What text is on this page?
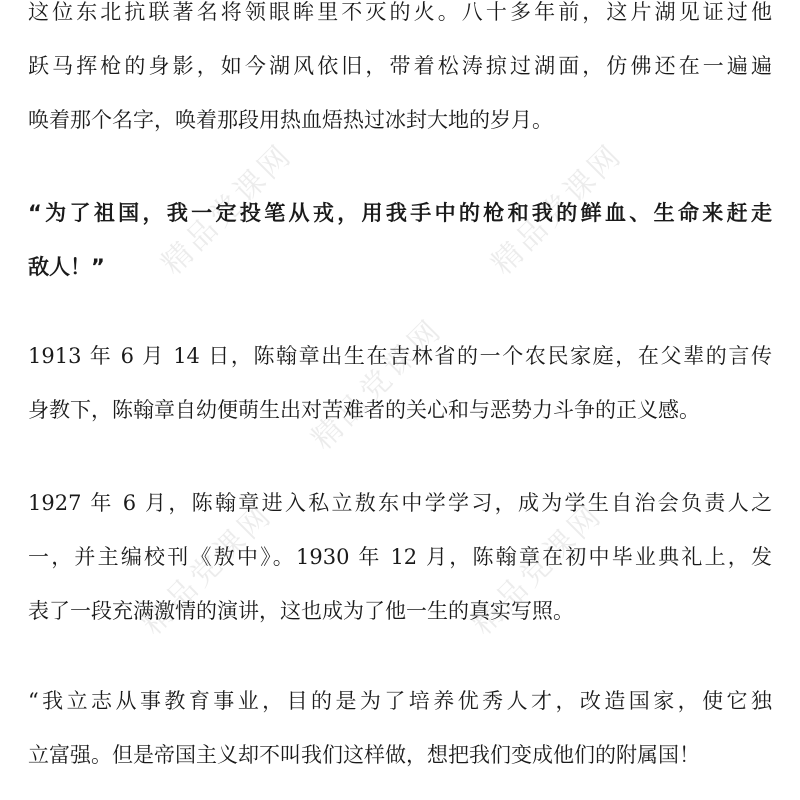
精品党课网	精品党课网
精品党课网
精品党课网	精品党课网
这位东北抗联著名将领眼眸里不灭的火。八十多年前，这片湖见证过他
跃马挥枪的身影，如今湖风依旧，带着松涛掠过湖面，仿佛还在一遍遍
唤着那个名字，唤着那段用热血焐热过冰封大地的岁月。
“为了祖国，我一定投笔从戎，用我手中的枪和我的鲜血、生命来赶走
敌人！”
1913 年 6 月 14 日，陈翰章出生在吉林省的一个农民家庭，在父辈的言传
身教下，陈翰章自幼便萌生出对苦难者的关心和与恶势力斗争的正义感。
1927 年 6 月，陈翰章进入私立敖东中学学习，成为学生自治会负责人之
一，并主编校刊《敖中》。1930 年 12 月，陈翰章在初中毕业典礼上，发
表了一段充满激情的演讲，这也成为了他一生的真实写照。
“我立志从事教育事业，目的是为了培养优秀人才，改造国家，使它独
立富强。但是帝国主义却不叫我们这样做，想把我们变成他们的附属国！
